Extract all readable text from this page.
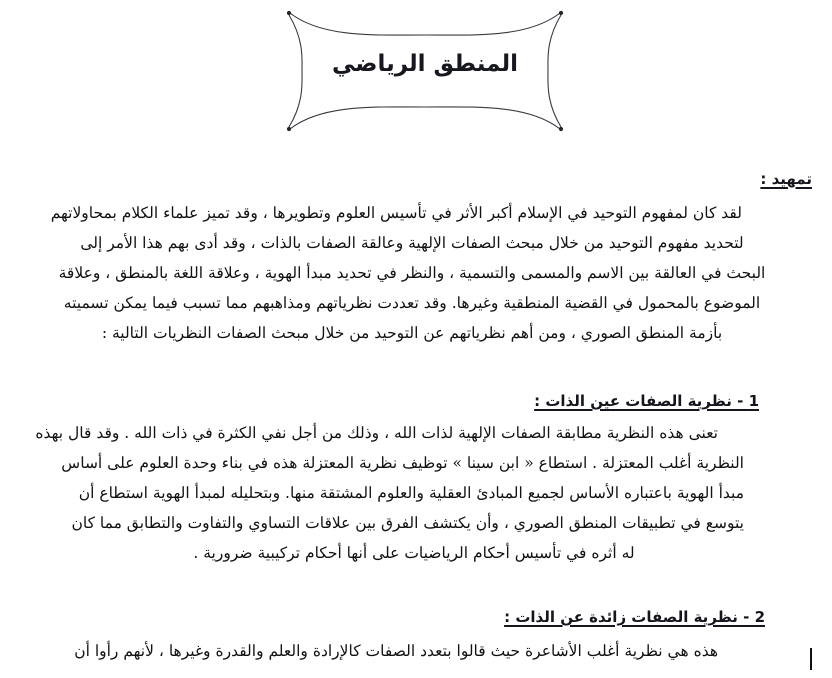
المنطق الرياضي
تمهيد :
لقد كان لمفهوم التوحيد في الإسلام أكبر الأثر في تأسيس العلوم وتطويرها ، وقد تميز علماء الكلام بمحاولاتهم
لتحديد مفهوم التوحيد من خلال مبحث الصفات الإلهية وعالقة الصفات بالذات ، وقد أدى بهم هذا الأمر إلى
البحث في العالقة بين الاسم والمسمى والتسمية ، والنظر في تحديد مبدأ الهوية ، وعلاقة اللغة بالمنطق ، وعلاقة
الموضوع بالمحمول في القضية المنطقية وغيرها. وقد تعددت نظرياتهم ومذاهبهم مما تسبب فيما يمكن تسميته
بأزمة المنطق الصوري ، ومن أهم نظرياتهم عن التوحيد من خلال مبحث الصفات النظريات التالية :
1 - نظرية الصفات عين الذات :
تعنى هذه النظرية مطابقة الصفات الإلهية لذات الله ، وذلك من أجل نفي الكثرة في ذات الله . وقد قال بهذه
النظرية أغلب المعتزلة . استطاع « ابن سينا » توظيف نظرية المعتزلة هذه في بناء وحدة العلوم على أساس
مبدأ الهوية باعتباره الأساس لجميع المبادئ العقلية والعلوم المشتقة منها. وبتحليله لمبدأ الهوية استطاع أن
يتوسع في تطبيقات المنطق الصوري ، وأن يكتشف الفرق بين علاقات التساوي والتفاوت والتطابق مما كان
له أثره في تأسيس أحكام الرياضيات على أنها أحكام تركيبية ضرورية .
2 - نظرية الصفات زائدة عن الذات :
هذه هي نظرية أغلب الأشاعرة حيث قالوا بتعدد الصفات كالإرادة والعلم والقدرة وغيرها ، لأنهم رأوا أن
